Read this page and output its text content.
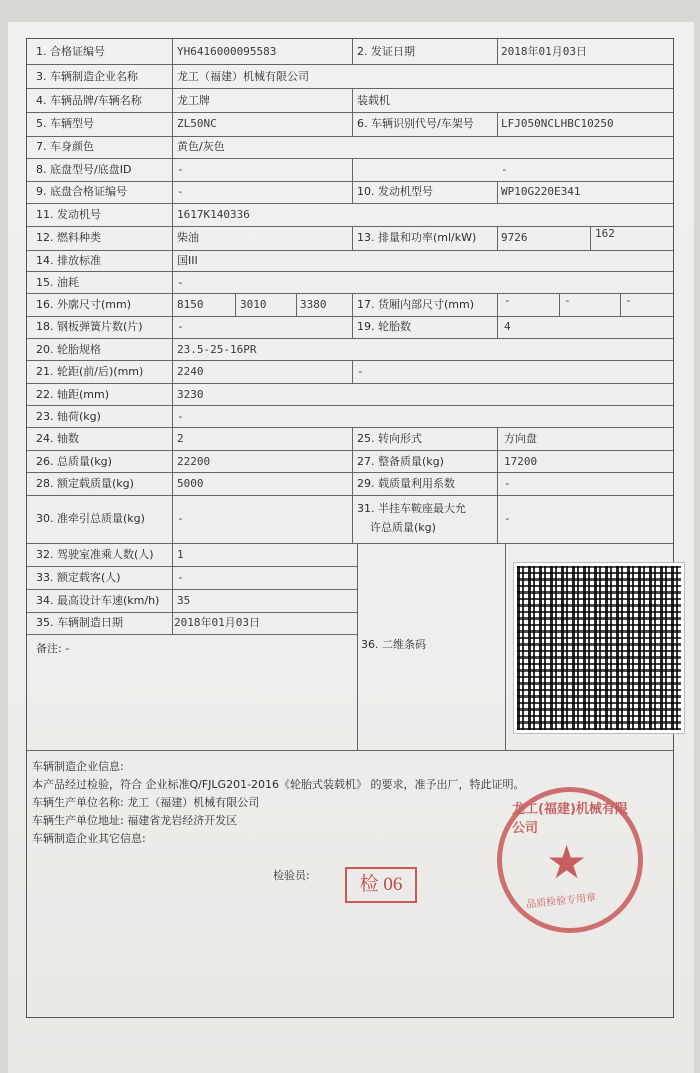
1. 合格证编号	YH6416000095583	2. 发证日期	2018年01月03日
3. 车辆制造企业名称	龙工（福建）机械有限公司
4. 车辆品牌/车辆名称	龙工牌	装载机
5. 车辆型号	ZL50NC	6. 车辆识别代号/车架号 LFJ050NCLHBC10250
7. 车身颜色	黄色/灰色
8. 底盘型号/底盘ID	-	-
9. 底盘合格证编号	-	10. 发动机型号	WP10G220E341
11. 发动机号	1617K140336
12. 燃料种类	柴油	13. 排量和功率(ml/kW) 9726	162
14. 排放标准	国III
15. 油耗	-
16. 外廓尺寸(mm)	8150	3010	3380	17. 货厢内部尺寸(mm)	-	-	-
18. 钢板弹簧片数(片)	-	19. 轮胎数	4
20. 轮胎规格	23.5-25-16PR
21. 轮距(前/后)(mm)	2240	-
22. 轴距(mm)	3230
23. 轴荷(kg)	-
24. 轴数	2	25. 转向形式	方向盘
26. 总质量(kg)	22200	27. 整备质量(kg)	17200
28. 额定载质量(kg)	5000	29. 载质量利用系数	-
30. 准牵引总质量(kg)	-
31. 半挂车鞍座最大允
许总质量(kg)
-
32. 驾驶室准乘人数(人) 1
33. 额定载客(人)	-
34. 最高设计车速(km/h) 35
35. 车辆制造日期	2018年01月03日
备注: -	36. 二维条码
车辆制造企业信息:
本产品经过检验，符合 企业标准Q/FJLG201-2016《轮胎式装载机》 的要求，准予出厂，特此证明。
车辆生产单位名称: 龙工（福建）机械有限公司
车辆生产单位地址: 福建省龙岩经济开发区
车辆制造企业其它信息:
检验员:	检 06
龙工(福建)机械有限公司
★
品质检验专用章
